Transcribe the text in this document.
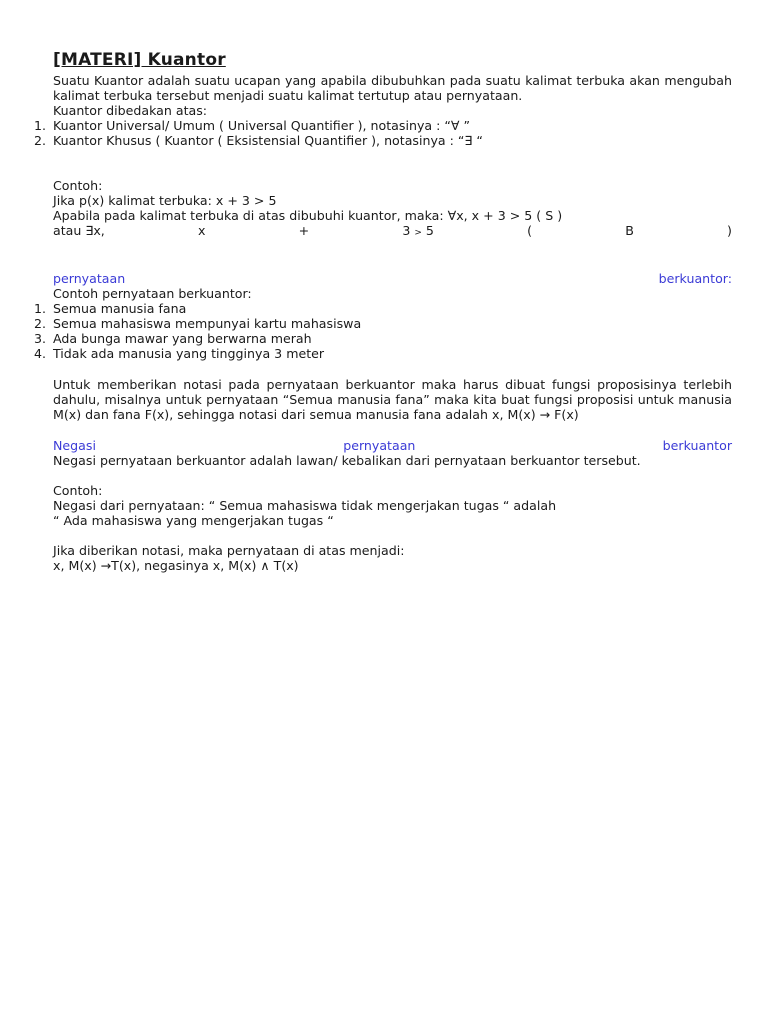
[MATERI] Kuantor

Suatu Kuantor adalah suatu ucapan yang apabila dibubuhkan pada suatu kalimat terbuka akan mengubah kalimat terbuka tersebut menjadi suatu kalimat tertutup atau pernyataan.

Kuantor dibedakan atas:

1. Kuantor Universal/ Umum ( Universal Quantifier ), notasinya : “∀ ”
2. Kuantor Khusus ( Kuantor ( Eksistensial Quantifier ), notasinya : “∃ “

Contoh:

Jika p(x) kalimat terbuka: x + 3 > 5

Apabila pada kalimat terbuka di atas dibubuhi kuantor, maka: ∀x, x + 3 > 5 ( S )

atau ∃x,	x	+	3 > 5	(	B	)
pernyataan	berkuantor:

Contoh pernyataan berkuantor:

1. Semua manusia fana
2. Semua mahasiswa mempunyai kartu mahasiswa
3. Ada bunga mawar yang berwarna merah
4. Tidak ada manusia yang tingginya 3 meter

Untuk memberikan notasi pada pernyataan berkuantor maka harus dibuat fungsi proposisinya terlebih dahulu, misalnya untuk pernyataan “Semua manusia fana” maka kita buat fungsi proposisi untuk manusia M(x) dan fana F(x), sehingga notasi dari semua manusia fana adalah x, M(x) → F(x)

Negasi	pernyataan	berkuantor

Negasi pernyataan berkuantor adalah lawan/ kebalikan dari pernyataan berkuantor tersebut.

Contoh:

Negasi dari pernyataan: “ Semua mahasiswa tidak mengerjakan tugas “ adalah

“ Ada mahasiswa yang mengerjakan tugas “

Jika diberikan notasi, maka pernyataan di atas menjadi:

x, M(x) →T(x), negasinya x, M(x) ∧ T(x)
